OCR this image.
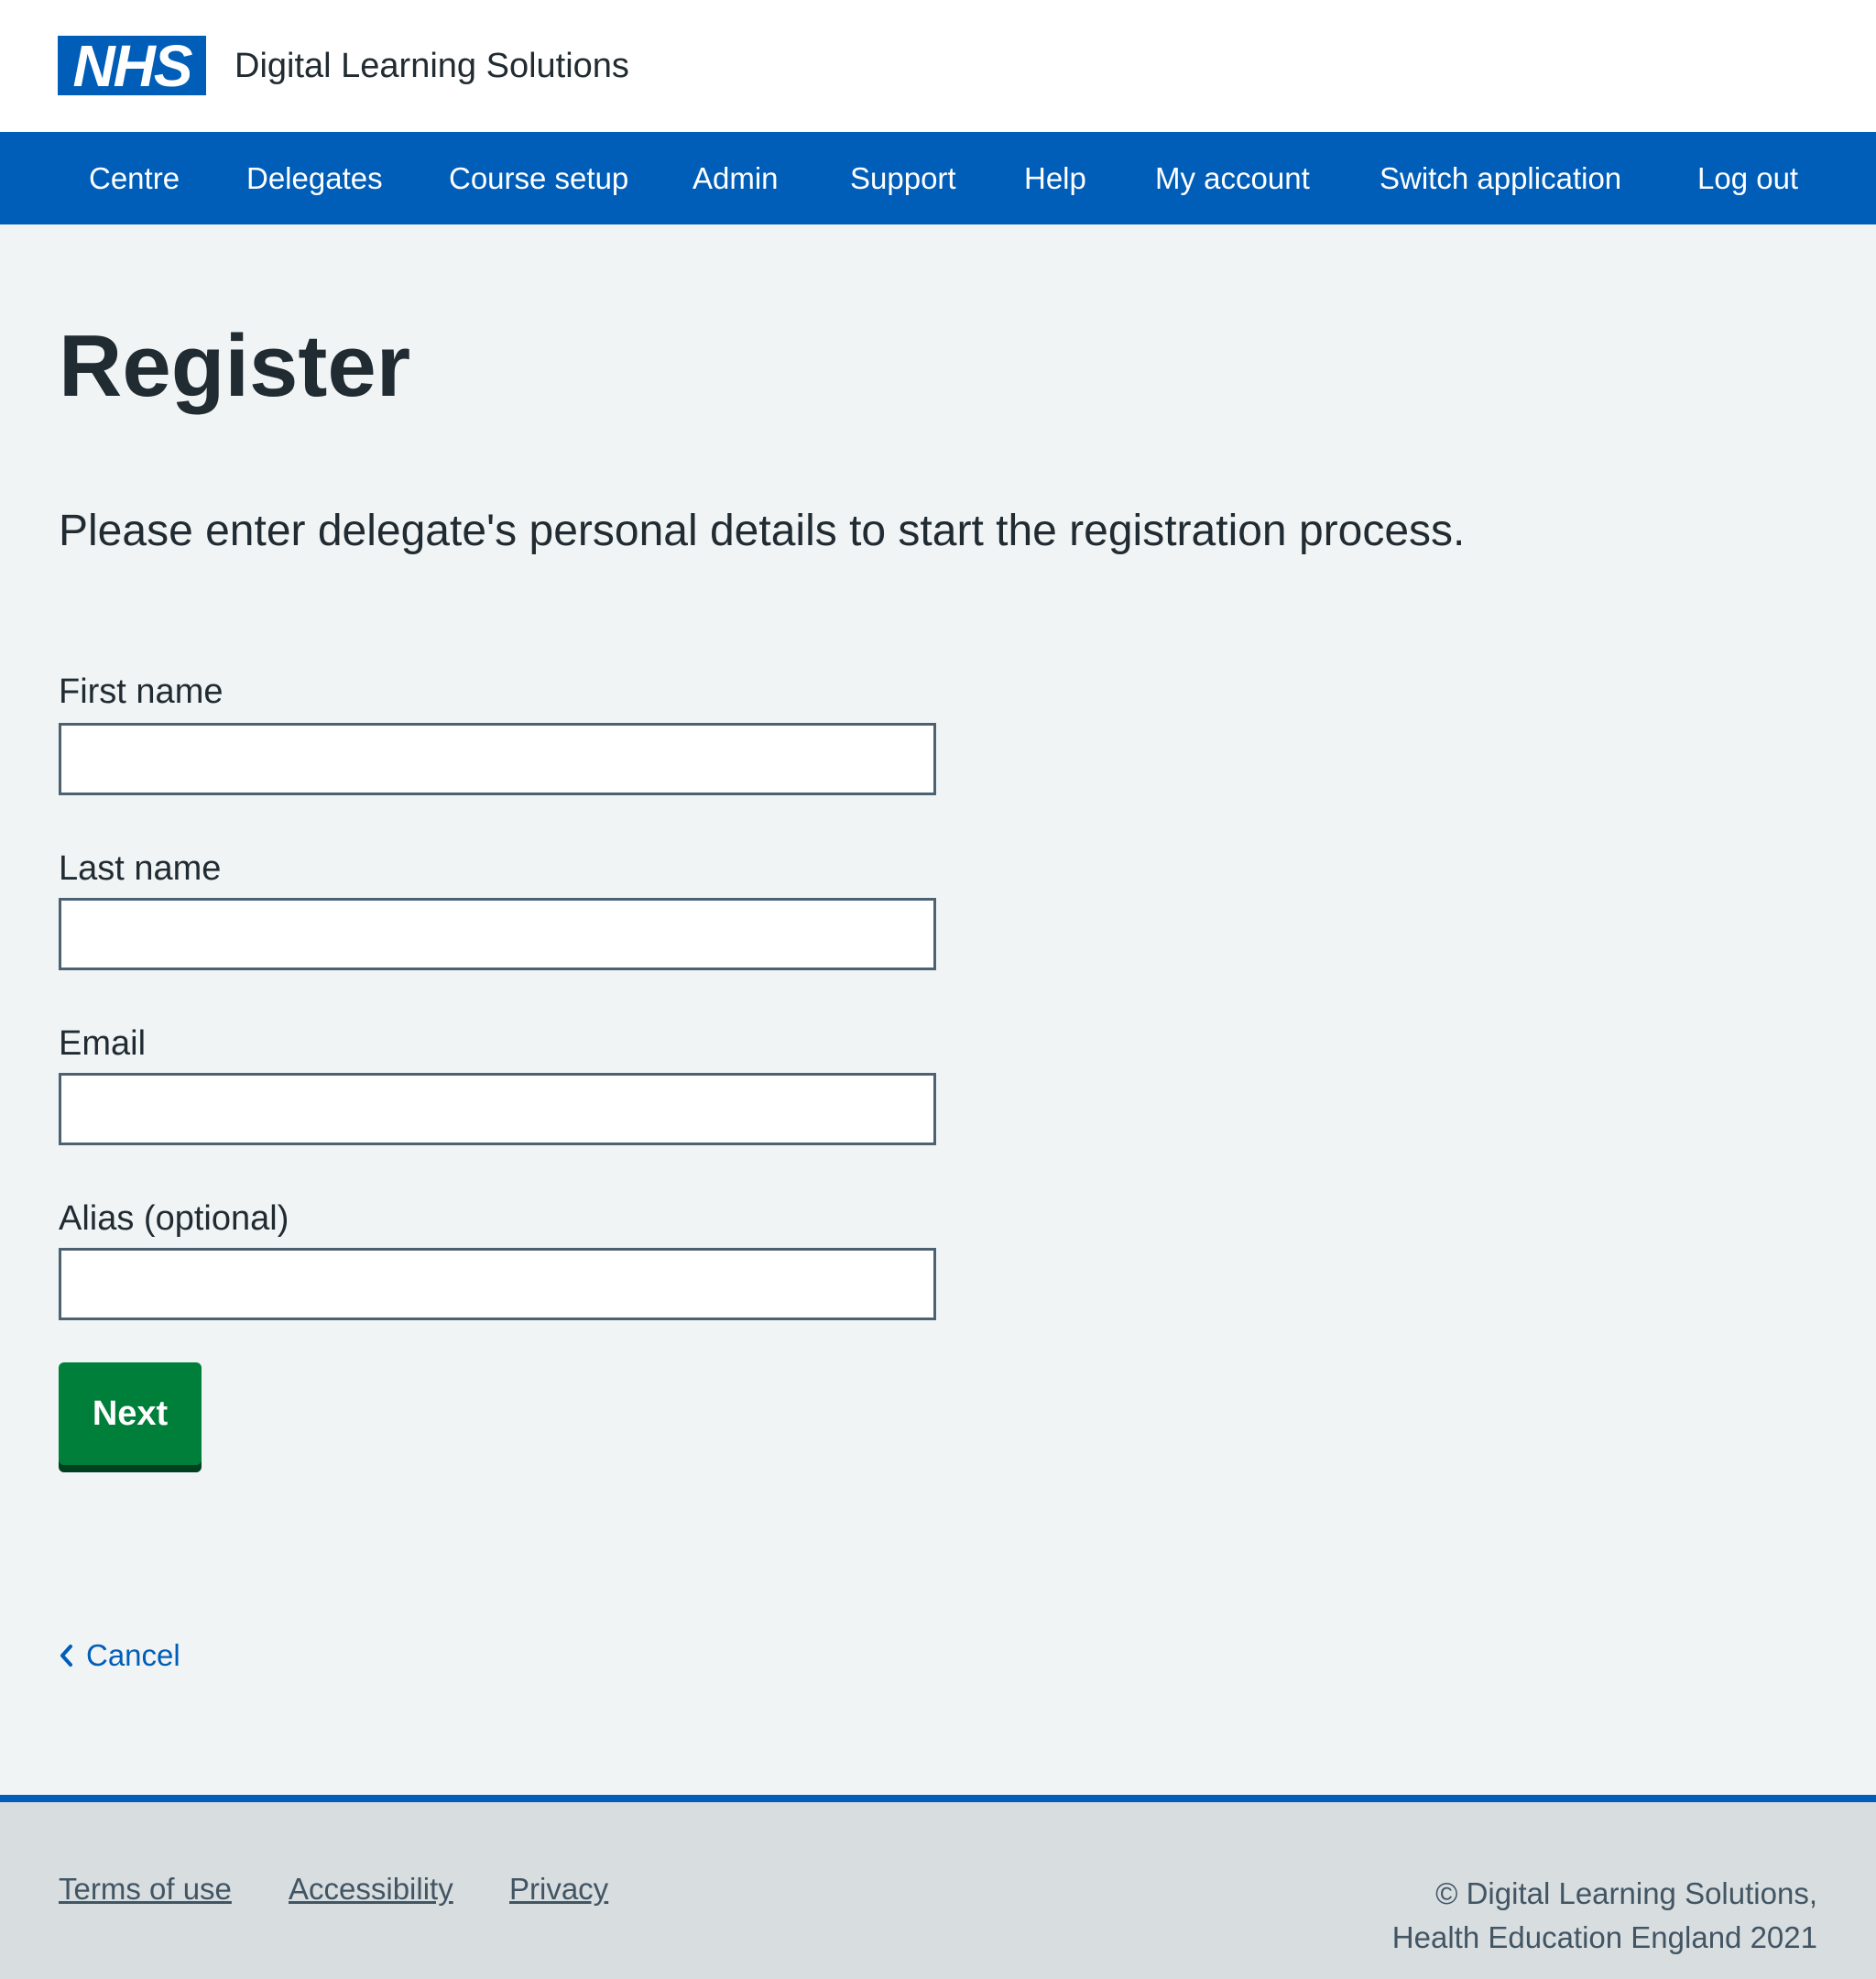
NHS Digital Learning Solutions
Centre Delegates Course setup Admin Support Help My account Switch application	Log out
Register

Please enter delegate's personal details to start the registration process.

First name
Last name
Email
Alias (optional)
Next
Cancel
Terms of use Accessibility Privacy	© Digital Learning Solutions,
Health Education England 2021
